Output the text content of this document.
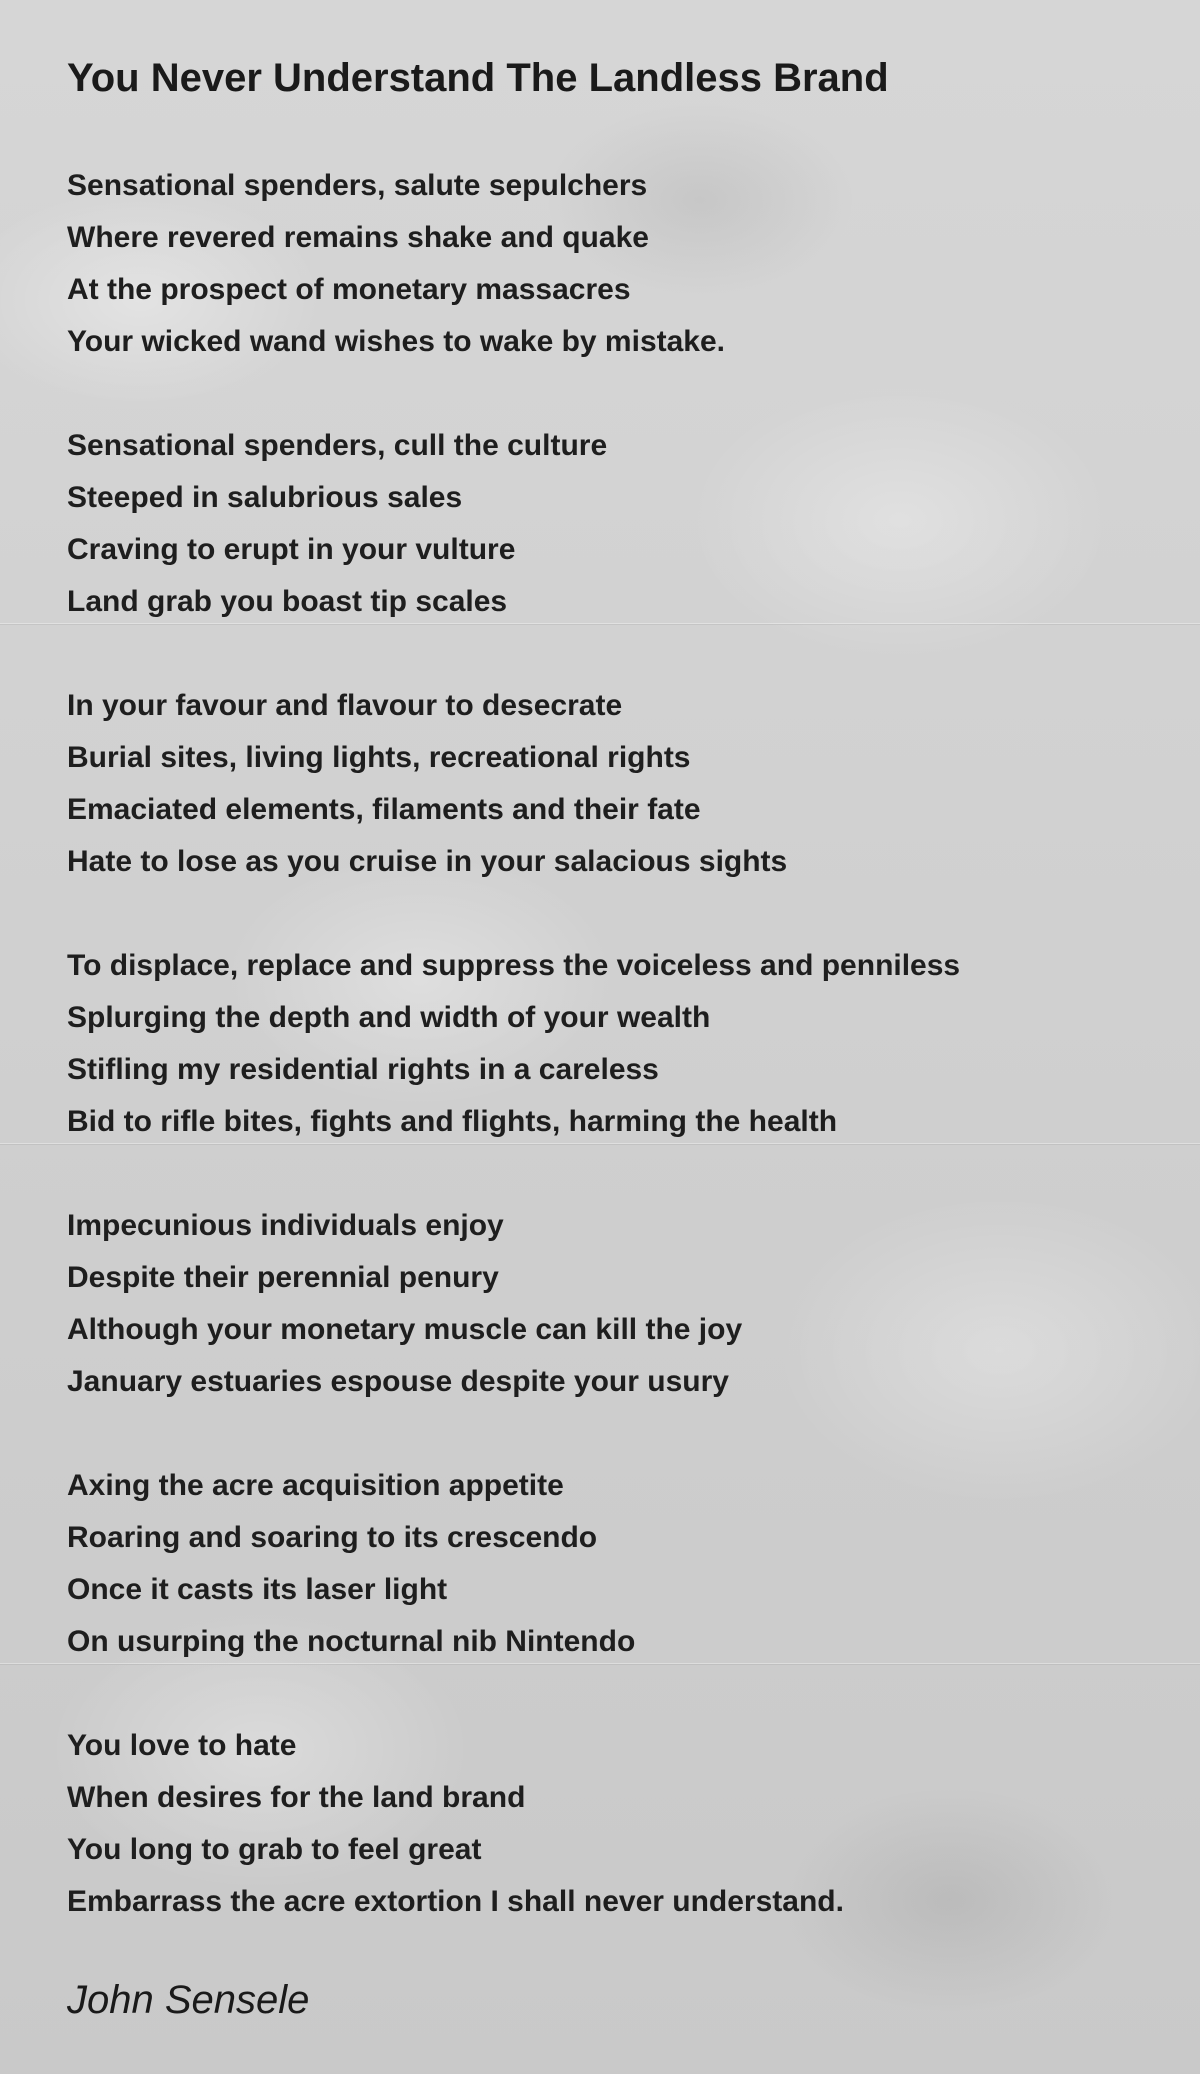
You Never Understand The Landless Brand
Sensational spenders, salute sepulchers
Where revered remains shake and quake
At the prospect of monetary massacres
Your wicked wand wishes to wake by mistake.
Sensational spenders, cull the culture
Steeped in salubrious sales
Craving to erupt in your vulture
Land grab you boast tip scales
In your favour and flavour to desecrate
Burial sites, living lights, recreational rights
Emaciated elements, filaments and their fate
Hate to lose as you cruise in your salacious sights
To displace, replace and suppress the voiceless and penniless
Splurging the depth and width of your wealth
Stifling my residential rights in a careless
Bid to rifle bites, fights and flights, harming the health
Impecunious individuals enjoy
Despite their perennial penury
Although your monetary muscle can kill the joy
January estuaries espouse despite your usury
Axing the acre acquisition appetite
Roaring and soaring to its crescendo
Once it casts its laser light
On usurping the nocturnal nib Nintendo
You love to hate
When desires for the land brand
You long to grab to feel great
Embarrass the acre extortion I shall never understand.
John Sensele
